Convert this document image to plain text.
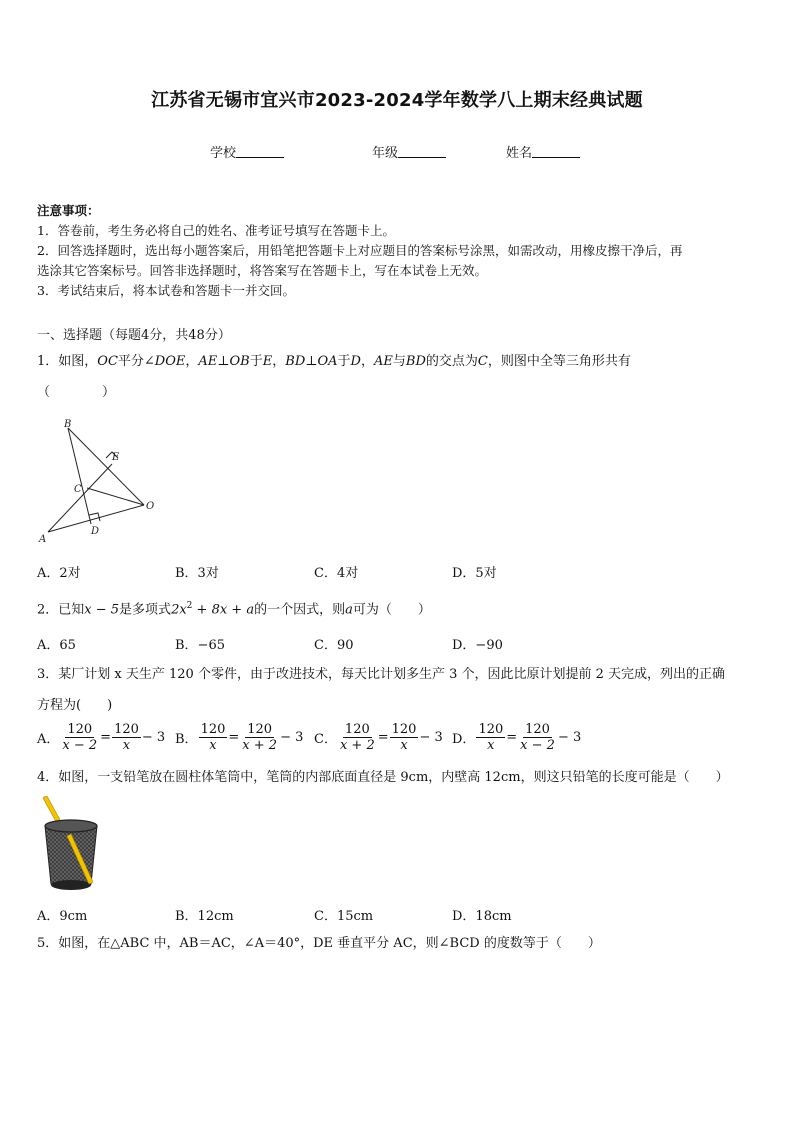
江苏省无锡市宜兴市2023-2024学年数学八上期末经典试题
学校	年级	姓名
注意事项：
1．答卷前，考生务必将自己的姓名、准考证号填写在答题卡上。
2．回答选择题时，选出每小题答案后，用铅笔把答题卡上对应题目的答案标号涂黑，如需改动，用橡皮擦干净后，再
选涂其它答案标号。回答非选择题时，将答案写在答题卡上，写在本试卷上无效。
3．考试结束后，将本试卷和答题卡一并交回。
一、选择题（每题4分，共48分）
1．如图，OC平分∠DOE，AE⊥OB于E，BD⊥OA于D，AE与BD的交点为C，则图中全等三角形共有
（　　　　）
B
E
C
O
A
D
A．2对	B．3对	C．4对	D．5对
2．已知x − 5是多项式$2x^2 + 8x + a$的一个因式，则a可为（　　）
A．65	B．−65	C．90	D．−90
3．某厂计划 x 天生产 120 个零件，由于改进技术，每天比计划多生产 3 个，因此比原计划提前 2 天完成，列出的正确
方程为(　　)
A． $\frac{120}{x - 2} = \frac{120}{x} - 3$ B． $\frac{120}{x} = \frac{120}{x + 2} - 3$ C． $\frac{120}{x + 2} = \frac{120}{x} - 3$ D． $\frac{120}{x} = \frac{120}{x - 2} - 3$
4．如图，一支铅笔放在圆柱体笔筒中，笔筒的内部底面直径是 9cm，内壁高 12cm，则这只铅笔的长度可能是（　　）
A．9cm	B．12cm	C．15cm	D．18cm
5．如图，在△ABC 中，AB＝AC，∠A＝40°，DE 垂直平分 AC，则∠BCD 的度数等于（　　）
